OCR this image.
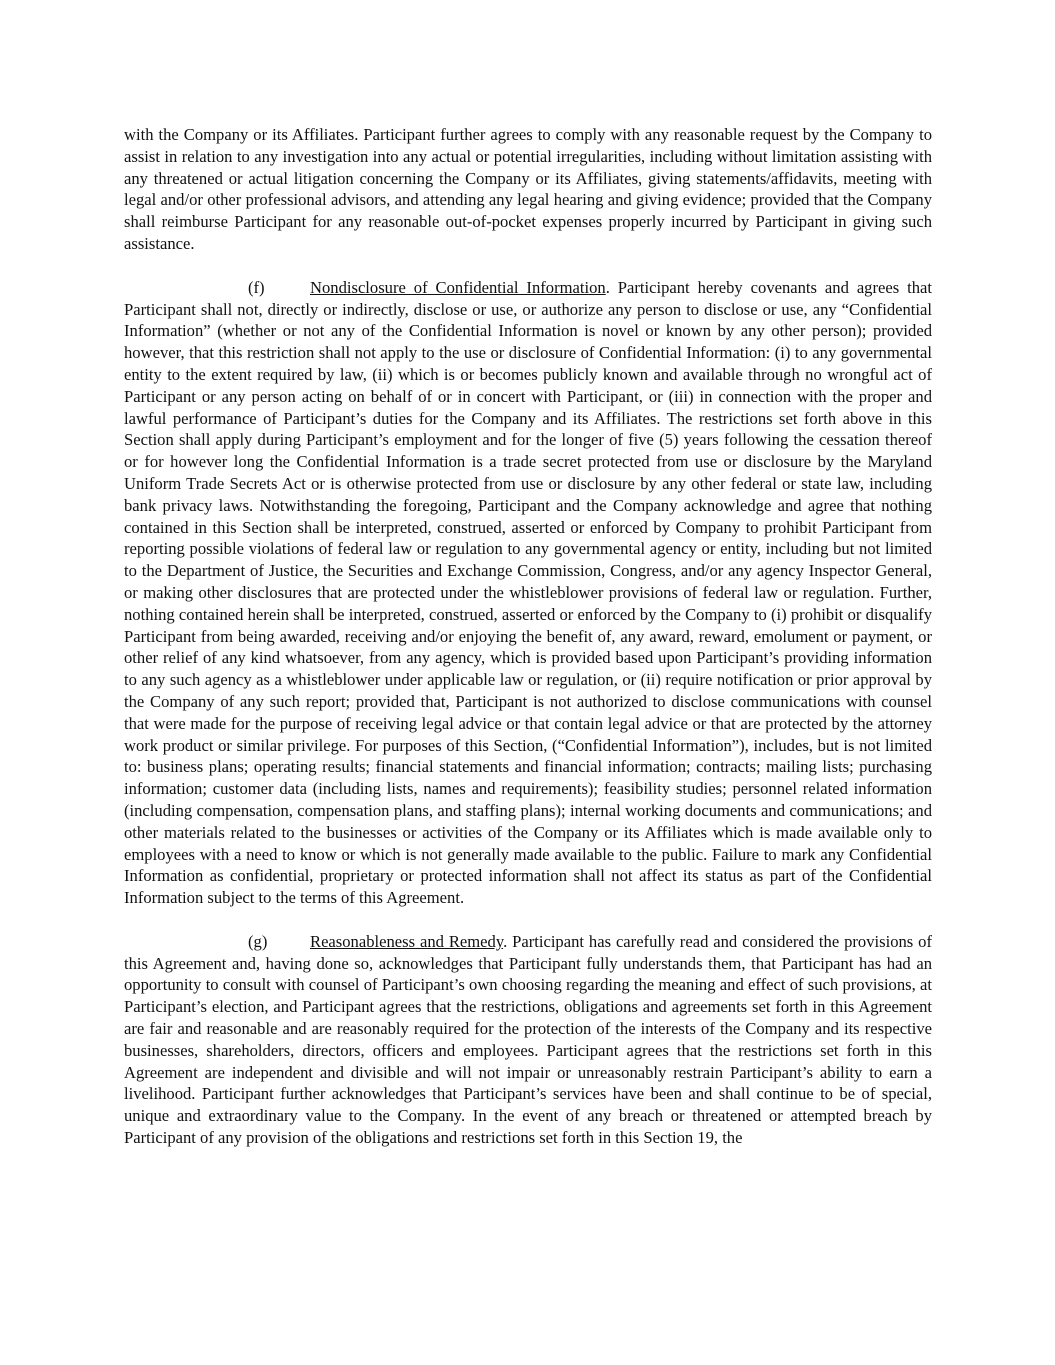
with the Company or its Affiliates. Participant further agrees to comply with any reasonable request by the Company to assist in relation to any investigation into any actual or potential irregularities, including without limitation assisting with any threatened or actual litigation concerning the Company or its Affiliates, giving statements/affidavits, meeting with legal and/or other professional advisors, and attending any legal hearing and giving evidence; provided that the Company shall reimburse Participant for any reasonable out-of-pocket expenses properly incurred by Participant in giving such assistance.

(f)	Nondisclosure of Confidential Information. Participant hereby covenants and agrees that Participant shall not, directly or indirectly, disclose or use, or authorize any person to disclose or use, any “Confidential Information” (whether or not any of the Confidential Information is novel or known by any other person); provided however, that this restriction shall not apply to the use or disclosure of Confidential Information: (i) to any governmental entity to the extent required by law, (ii) which is or becomes publicly known and available through no wrongful act of Participant or any person acting on behalf of or in concert with Participant, or (iii) in connection with the proper and lawful performance of Participant’s duties for the Company and its Affiliates. The restrictions set forth above in this Section shall apply during Participant’s employment and for the longer of five (5) years following the cessation thereof or for however long the Confidential Information is a trade secret protected from use or disclosure by the Maryland Uniform Trade Secrets Act or is otherwise protected from use or disclosure by any other federal or state law, including bank privacy laws. Notwithstanding the foregoing, Participant and the Company acknowledge and agree that nothing contained in this Section shall be interpreted, construed, asserted or enforced by Company to prohibit Participant from reporting possible violations of federal law or regulation to any governmental agency or entity, including but not limited to the Department of Justice, the Securities and Exchange Commission, Congress, and/or any agency Inspector General, or making other disclosures that are protected under the whistleblower provisions of federal law or regulation. Further, nothing contained herein shall be interpreted, construed, asserted or enforced by the Company to (i) prohibit or disqualify Participant from being awarded, receiving and/or enjoying the benefit of, any award, reward, emolument or payment, or other relief of any kind whatsoever, from any agency, which is provided based upon Participant’s providing information to any such agency as a whistleblower under applicable law or regulation, or (ii) require notification or prior approval by the Company of any such report; provided that, Participant is not authorized to disclose communications with counsel that were made for the purpose of receiving legal advice or that contain legal advice or that are protected by the attorney work product or similar privilege. For purposes of this Section, (“Confidential Information”), includes, but is not limited to: business plans; operating results; financial statements and financial information; contracts; mailing lists; purchasing information; customer data (including lists, names and requirements); feasibility studies; personnel related information (including compensation, compensation plans, and staffing plans); internal working documents and communications; and other materials related to the businesses or activities of the Company or its Affiliates which is made available only to employees with a need to know or which is not generally made available to the public. Failure to mark any Confidential Information as confidential, proprietary or protected information shall not affect its status as part of the Confidential Information subject to the terms of this Agreement.

(g)	Reasonableness and Remedy. Participant has carefully read and considered the provisions of this Agreement and, having done so, acknowledges that Participant fully understands them, that Participant has had an opportunity to consult with counsel of Participant’s own choosing regarding the meaning and effect of such provisions, at Participant’s election, and Participant agrees that the restrictions, obligations and agreements set forth in this Agreement are fair and reasonable and are reasonably required for the protection of the interests of the Company and its respective businesses, shareholders, directors, officers and employees. Participant agrees that the restrictions set forth in this Agreement are independent and divisible and will not impair or unreasonably restrain Participant’s ability to earn a livelihood. Participant further acknowledges that Participant’s services have been and shall continue to be of special, unique and extraordinary value to the Company. In the event of any breach or threatened or attempted breach by Participant of any provision of the obligations and restrictions set forth in this Section 19, the
